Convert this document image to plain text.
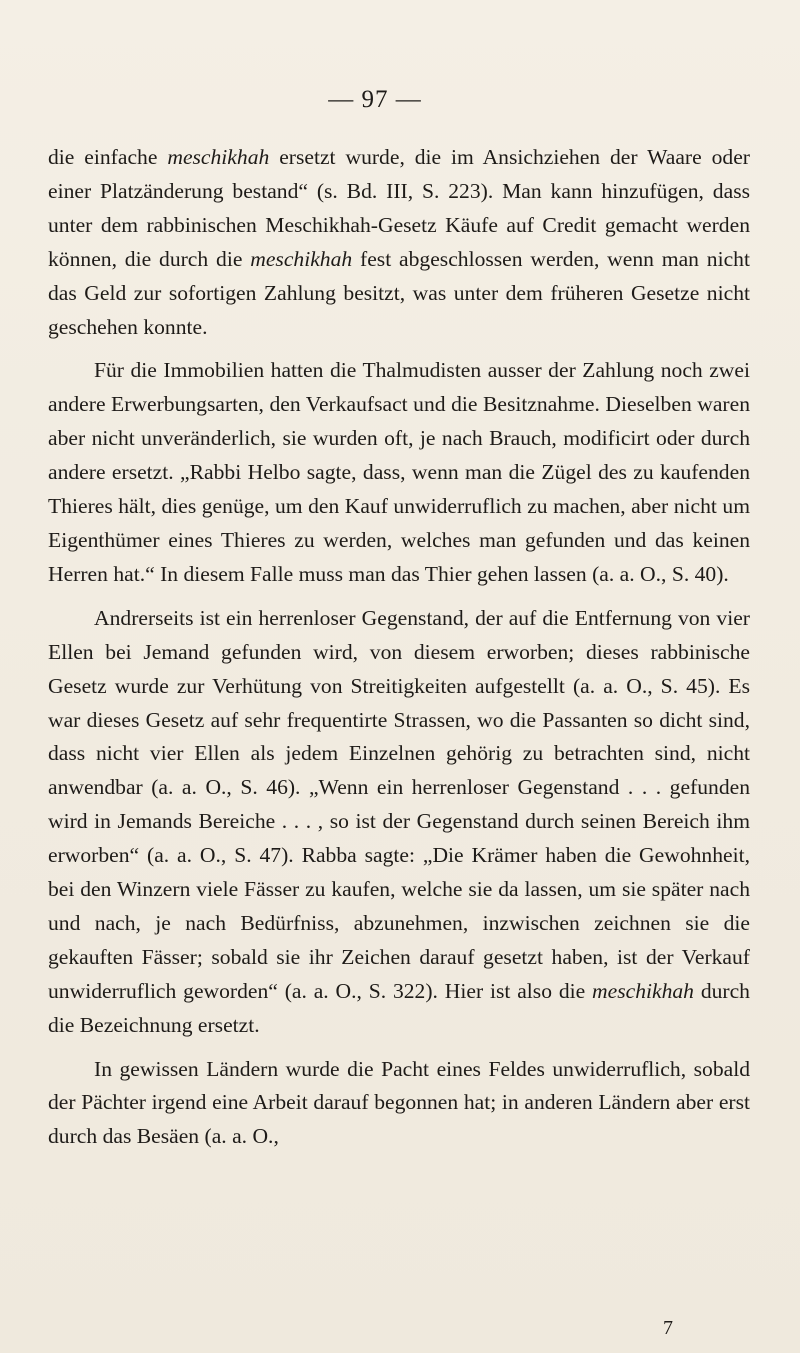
— 97 —

die einfache meschikhah ersetzt wurde, die im Ansichziehen der Waare oder einer Platzänderung bestand“ (s. Bd. III, S. 223). Man kann hinzufügen, dass unter dem rabbinischen Meschikhah-Gesetz Käufe auf Credit gemacht werden können, die durch die meschikhah fest abgeschlossen werden, wenn man nicht das Geld zur sofortigen Zahlung besitzt, was unter dem früheren Gesetze nicht geschehen konnte.

Für die Immobilien hatten die Thalmudisten ausser der Zahlung noch zwei andere Erwerbungsarten, den Verkaufsact und die Besitznahme. Dieselben waren aber nicht unveränderlich, sie wurden oft, je nach Brauch, modificirt oder durch andere ersetzt. „Rabbi Helbo sagte, dass, wenn man die Zügel des zu kaufenden Thieres hält, dies genüge, um den Kauf unwiderruflich zu machen, aber nicht um Eigenthümer eines Thieres zu werden, welches man gefunden und das keinen Herren hat.“ In diesem Falle muss man das Thier gehen lassen (a. a. O., S. 40).

Andrerseits ist ein herrenloser Gegenstand, der auf die Entfernung von vier Ellen bei Jemand gefunden wird, von diesem erworben; dieses rabbinische Gesetz wurde zur Verhütung von Streitigkeiten aufgestellt (a. a. O., S. 45). Es war dieses Gesetz auf sehr frequentirte Strassen, wo die Passanten so dicht sind, dass nicht vier Ellen als jedem Einzelnen gehörig zu betrachten sind, nicht anwendbar (a. a. O., S. 46). „Wenn ein herrenloser Gegenstand . . . gefunden wird in Jemands Bereiche . . . , so ist der Gegenstand durch seinen Bereich ihm erworben“ (a. a. O., S. 47). Rabba sagte: „Die Krämer haben die Gewohnheit, bei den Winzern viele Fässer zu kaufen, welche sie da lassen, um sie später nach und nach, je nach Bedürfniss, abzunehmen, inzwischen zeichnen sie die gekauften Fässer; sobald sie ihr Zeichen darauf gesetzt haben, ist der Verkauf unwiderruflich geworden“ (a. a. O., S. 322). Hier ist also die meschikhah durch die Bezeichnung ersetzt.

In gewissen Ländern wurde die Pacht eines Feldes unwiderruflich, sobald der Pächter irgend eine Arbeit darauf begonnen hat; in anderen Ländern aber erst durch das Besäen (a. a. O.,

7
